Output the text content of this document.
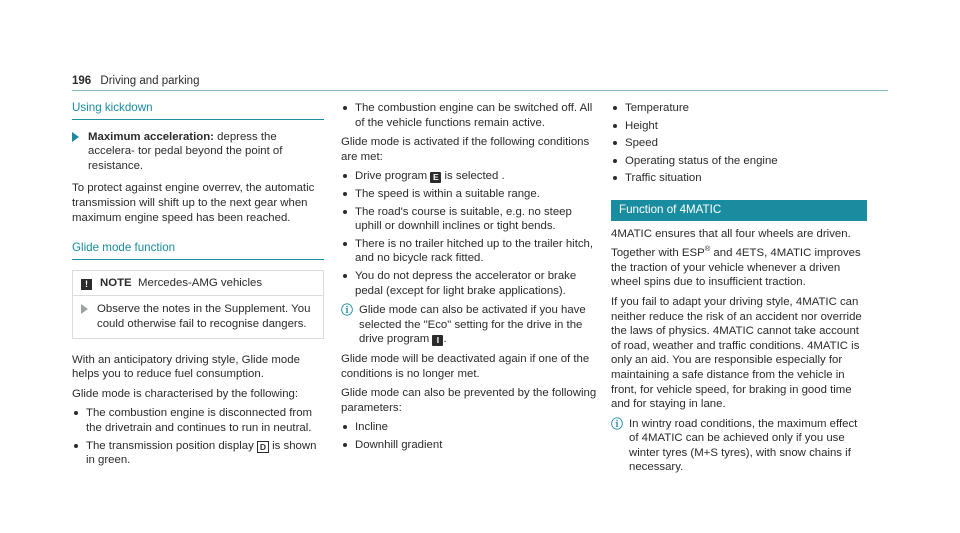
196 Driving and parking
Using kickdown
Maximum acceleration: depress the accelera‐ tor pedal beyond the point of resistance.

To protect against engine overrev, the automatic transmission will shift up to the next gear when maximum engine speed has been reached.

Glide mode function
! NOTE Mercedes‑AMG vehicles
Observe the notes in the Supplement. You could otherwise fail to recognise dangers.

With an anticipatory driving style, Glide mode helps you to reduce fuel consumption.

Glide mode is characterised by the following:

The combustion engine is disconnected from the drivetrain and continues to run in neutral.
The transmission position display D is shown in green.
The combustion engine can be switched off. All of the vehicle functions remain active.

Glide mode is activated if the following conditions are met:

Drive program E is selected .
The speed is within a suitable range.
The road's course is suitable, e.g. no steep uphill or downhill inclines or tight bends.
There is no trailer hitched up to the trailer hitch, and no bicycle rack fitted.
You do not depress the accelerator or brake pedal (except for light brake applications).
ⓘ Glide mode can also be activated if you have selected the "Eco" setting for the drive in the drive program I .

Glide mode will be deactivated again if one of the conditions is no longer met.

Glide mode can also be prevented by the following parameters:

Incline
Downhill gradient
Temperature
Height
Speed
Operating status of the engine
Traffic situation
Function of 4MATIC

4MATIC ensures that all four wheels are driven.

Together with ESP® and 4ETS, 4MATIC improves the traction of your vehicle whenever a driven wheel spins due to insufficient traction.

If you fail to adapt your driving style, 4MATIC can neither reduce the risk of an accident nor override the laws of physics. 4MATIC cannot take account of road, weather and traffic conditions. 4MATIC is only an aid. You are responsible especially for maintaining a safe distance from the vehicle in front, for vehicle speed, for braking in good time and for staying in lane.

ⓘ In wintry road conditions, the maximum effect of 4MATIC can be achieved only if you use winter tyres (M+S tyres), with snow chains if necessary.
